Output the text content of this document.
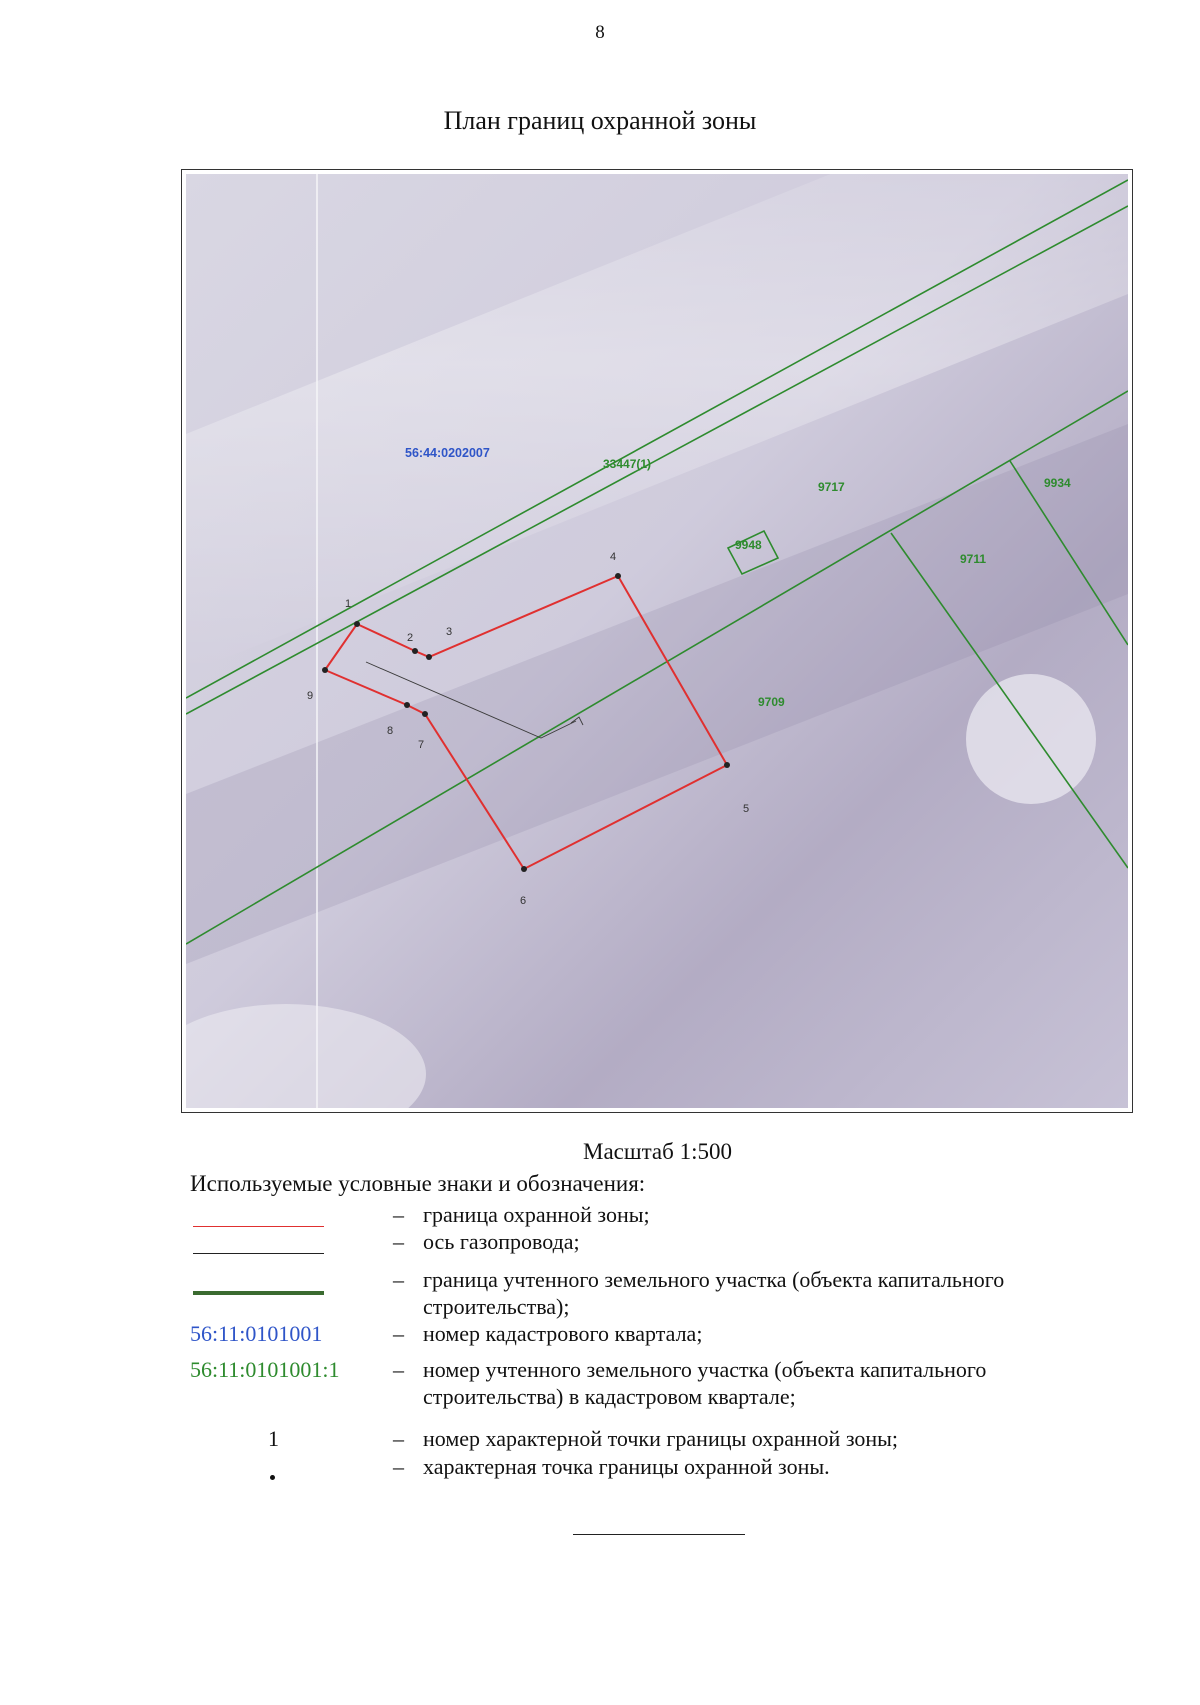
8
План границ охранной зоны
1
2	3
4
5
6
7
8
9
56:44:0202007
33447(1)
9717	9934
9948
9711
9709
Масштаб 1:500
Используемые условные знаки и обозначения:
– граница охранной зоны;
– ось газопровода;
– граница учтенного земельного участка (объекта капитального строительства);
56:11:0101001	– номер кадастрового квартала;
56:11:0101001:1	– номер учтенного земельного участка (объекта капитального строительства) в кадастровом квартале;
1	– номер характерной точки границы охранной зоны;
– характерная точка границы охранной зоны.
